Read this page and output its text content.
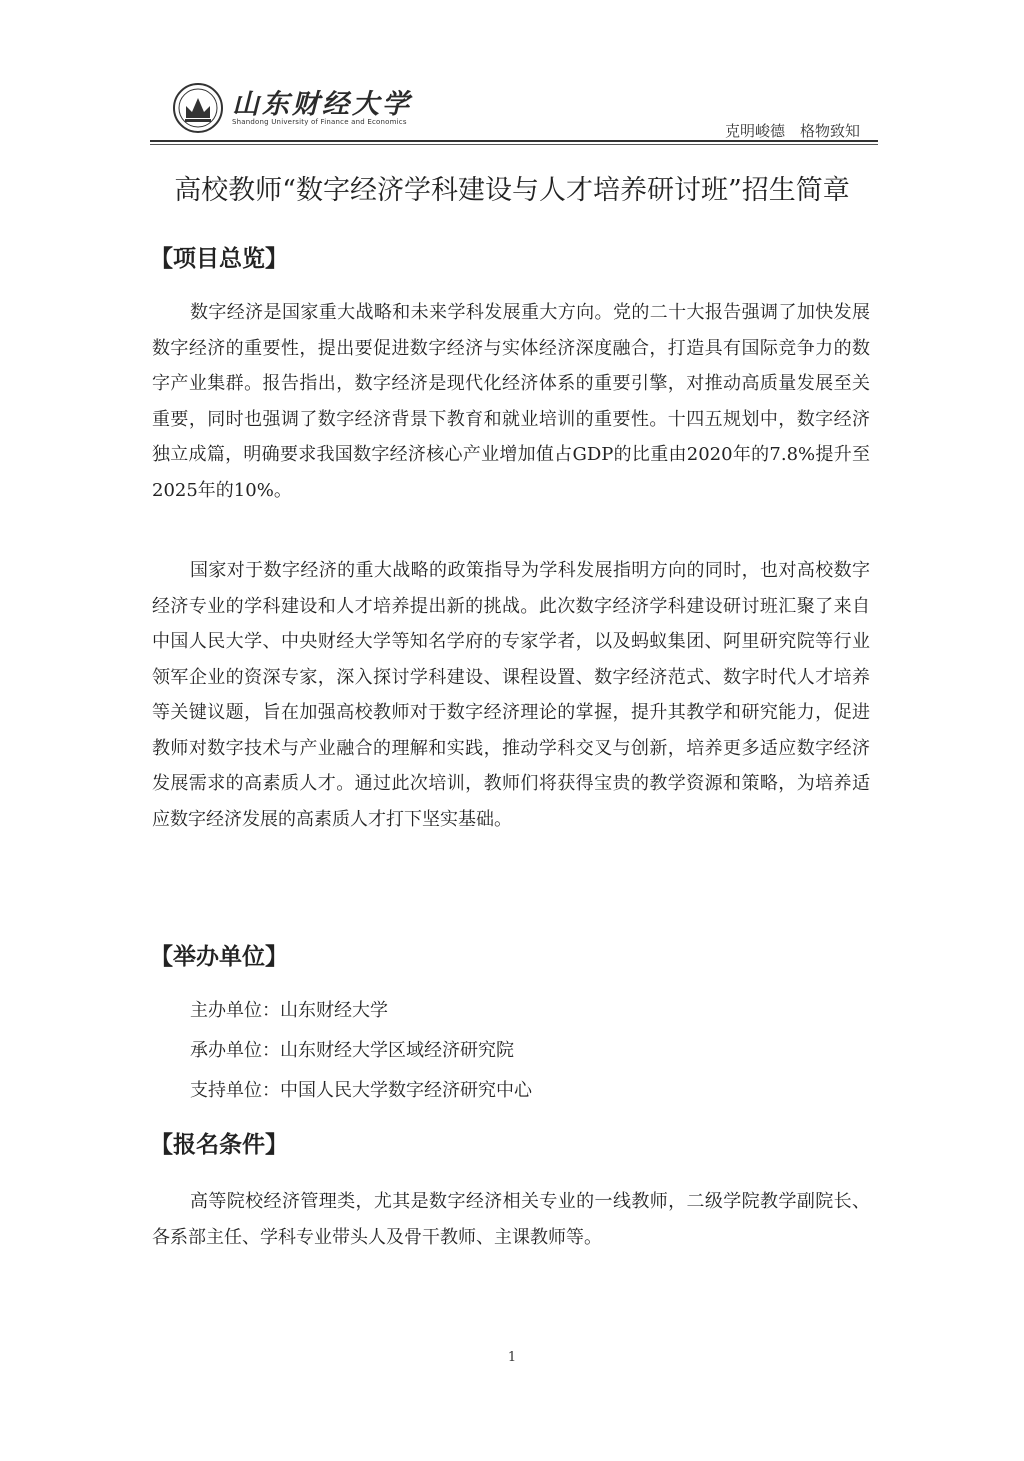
山东财经大学
Shandong University of Finance and Economics	克明峻德　格物致知
高校教师“数字经济学科建设与人才培养研讨班”招生简章
【项目总览】

数字经济是国家重大战略和未来学科发展重大方向。党的二十大报告强调了加快发展数字经济的重要性，提出要促进数字经济与实体经济深度融合，打造具有国际竞争力的数字产业集群。报告指出，数字经济是现代化经济体系的重要引擎，对推动高质量发展至关重要，同时也强调了数字经济背景下教育和就业培训的重要性。十四五规划中，数字经济独立成篇，明确要求我国数字经济核心产业增加值占GDP的比重由2020年的7.8%提升至2025年的10%。

国家对于数字经济的重大战略的政策指导为学科发展指明方向的同时，也对高校数字经济专业的学科建设和人才培养提出新的挑战。此次数字经济学科建设研讨班汇聚了来自中国人民大学、中央财经大学等知名学府的专家学者，以及蚂蚁集团、阿里研究院等行业领军企业的资深专家，深入探讨学科建设、课程设置、数字经济范式、数字时代人才培养等关键议题，旨在加强高校教师对于数字经济理论的掌握，提升其教学和研究能力，促进教师对数字技术与产业融合的理解和实践，推动学科交叉与创新，培养更多适应数字经济发展需求的高素质人才。通过此次培训，教师们将获得宝贵的教学资源和策略，为培养适应数字经济发展的高素质人才打下坚实基础。

【举办单位】
主办单位：山东财经大学
承办单位：山东财经大学区域经济研究院
支持单位：中国人民大学数字经济研究中心
【报名条件】

高等院校经济管理类，尤其是数字经济相关专业的一线教师，二级学院教学副院长、各系部主任、学科专业带头人及骨干教师、主课教师等。

1
